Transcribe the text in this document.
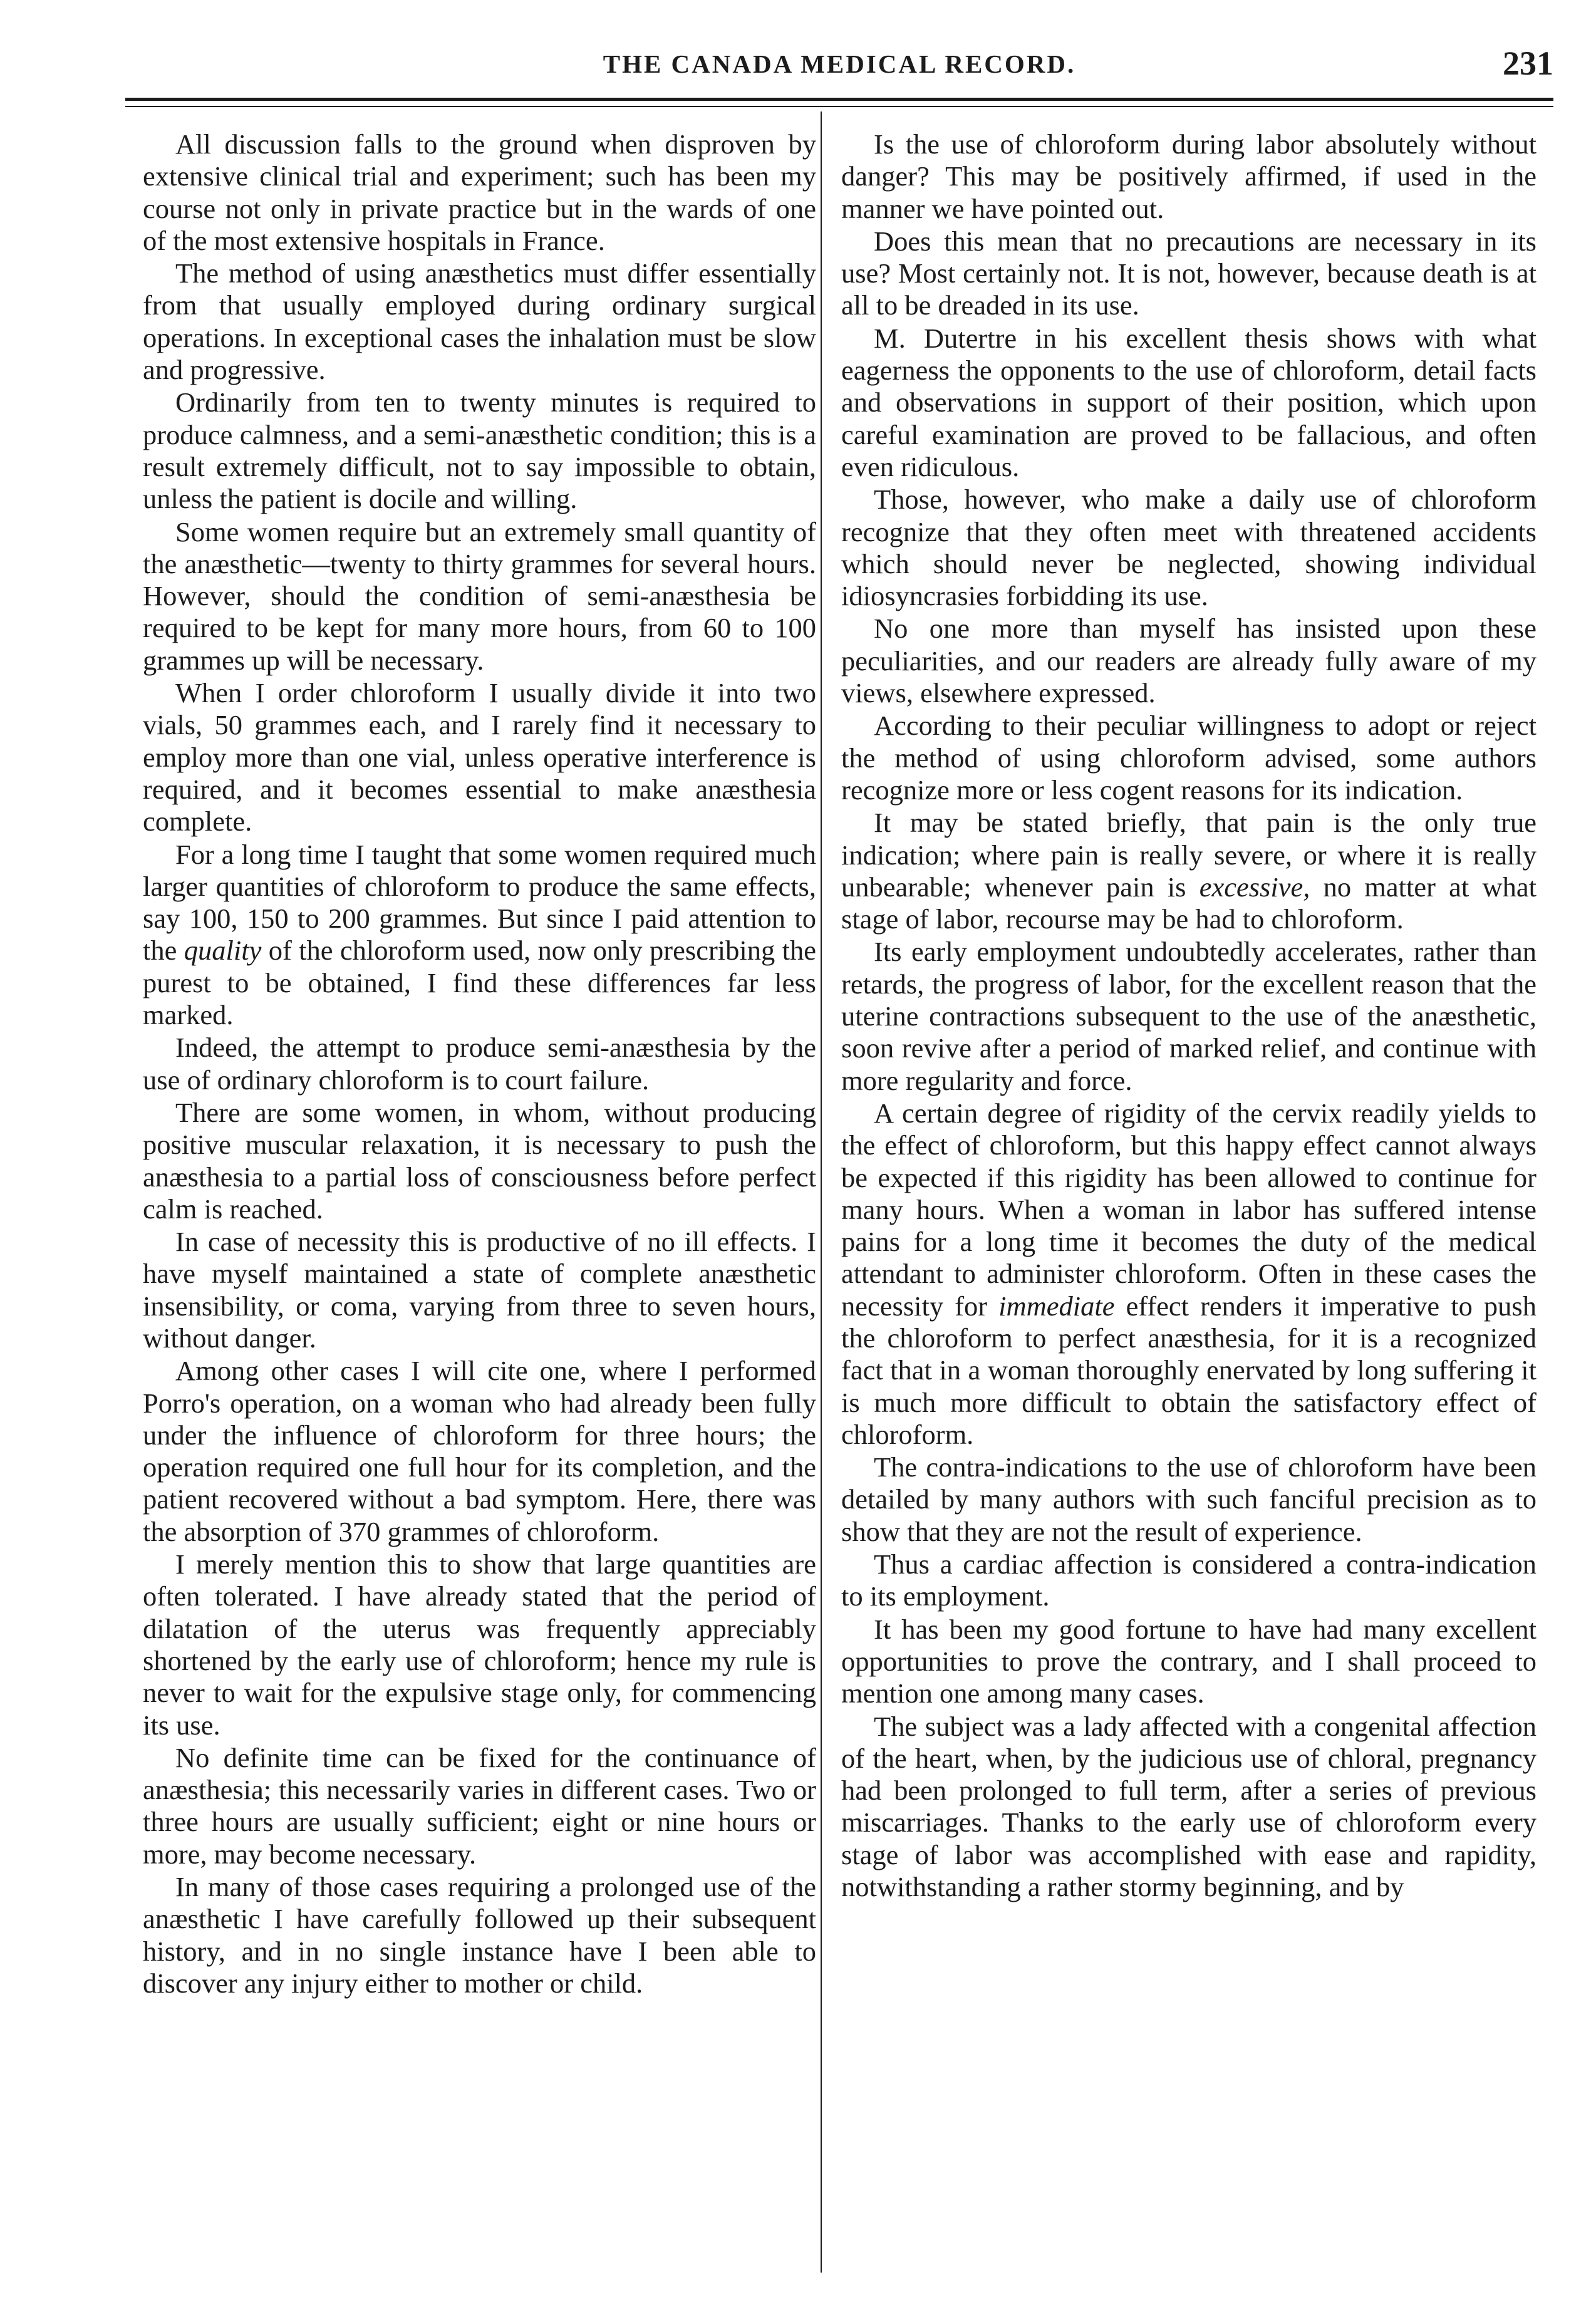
THE CANADA MEDICAL RECORD.	231

All discussion falls to the ground when disproven by extensive clinical trial and experiment; such has been my course not only in private practice but in the wards of one of the most extensive hospitals in France.

The method of using anæsthetics must differ essentially from that usually employed during ordinary surgical operations. In exceptional cases the inhalation must be slow and progressive.

Ordinarily from ten to twenty minutes is required to produce calmness, and a semi-anæsthetic condition; this is a result extremely difficult, not to say impossible to obtain, unless the patient is docile and willing.

Some women require but an extremely small quantity of the anæsthetic—twenty to thirty grammes for several hours. However, should the condition of semi-anæsthesia be required to be kept for many more hours, from 60 to 100 grammes up will be necessary.

When I order chloroform I usually divide it into two vials, 50 grammes each, and I rarely find it necessary to employ more than one vial, unless operative interference is required, and it becomes essential to make anæsthesia complete.

For a long time I taught that some women required much larger quantities of chloroform to produce the same effects, say 100, 150 to 200 grammes. But since I paid attention to the quality of the chloroform used, now only prescribing the purest to be obtained, I find these differences far less marked.

Indeed, the attempt to produce semi-anæsthesia by the use of ordinary chloroform is to court failure.

There are some women, in whom, without producing positive muscular relaxation, it is necessary to push the anæsthesia to a partial loss of consciousness before perfect calm is reached.

In case of necessity this is productive of no ill effects. I have myself maintained a state of complete anæsthetic insensibility, or coma, varying from three to seven hours, without danger.

Among other cases I will cite one, where I performed Porro's operation, on a woman who had already been fully under the influence of chloroform for three hours; the operation required one full hour for its completion, and the patient recovered without a bad symptom. Here, there was the absorption of 370 grammes of chloroform.

I merely mention this to show that large quantities are often tolerated. I have already stated that the period of dilatation of the uterus was frequently appreciably shortened by the early use of chloroform; hence my rule is never to wait for the expulsive stage only, for commencing its use.

No definite time can be fixed for the continuance of anæsthesia; this necessarily varies in different cases. Two or three hours are usually sufficient; eight or nine hours or more, may become necessary.

In many of those cases requiring a prolonged use of the anæsthetic I have carefully followed up their subsequent history, and in no single instance have I been able to discover any injury either to mother or child.

Is the use of chloroform during labor absolutely without danger? This may be positively affirmed, if used in the manner we have pointed out.

Does this mean that no precautions are necessary in its use? Most certainly not. It is not, however, because death is at all to be dreaded in its use.

M. Dutertre in his excellent thesis shows with what eagerness the opponents to the use of chloroform, detail facts and observations in support of their position, which upon careful examination are proved to be fallacious, and often even ridiculous.

Those, however, who make a daily use of chloroform recognize that they often meet with threatened accidents which should never be neglected, showing individual idiosyncrasies forbidding its use.

No one more than myself has insisted upon these peculiarities, and our readers are already fully aware of my views, elsewhere expressed.

According to their peculiar willingness to adopt or reject the method of using chloroform advised, some authors recognize more or less cogent reasons for its indication.

It may be stated briefly, that pain is the only true indication; where pain is really severe, or where it is really unbearable; whenever pain is excessive, no matter at what stage of labor, recourse may be had to chloroform.

Its early employment undoubtedly accelerates, rather than retards, the progress of labor, for the excellent reason that the uterine contractions subsequent to the use of the anæsthetic, soon revive after a period of marked relief, and continue with more regularity and force.

A certain degree of rigidity of the cervix readily yields to the effect of chloroform, but this happy effect cannot always be expected if this rigidity has been allowed to continue for many hours. When a woman in labor has suffered intense pains for a long time it becomes the duty of the medical attendant to administer chloroform. Often in these cases the necessity for immediate effect renders it imperative to push the chloroform to perfect anæsthesia, for it is a recognized fact that in a woman thoroughly enervated by long suffering it is much more difficult to obtain the satisfactory effect of chloroform.

The contra-indications to the use of chloroform have been detailed by many authors with such fanciful precision as to show that they are not the result of experience.

Thus a cardiac affection is considered a contra-indication to its employment.

It has been my good fortune to have had many excellent opportunities to prove the contrary, and I shall proceed to mention one among many cases.

The subject was a lady affected with a congenital affection of the heart, when, by the judicious use of chloral, pregnancy had been prolonged to full term, after a series of previous miscarriages. Thanks to the early use of chloroform every stage of labor was accomplished with ease and rapidity, notwithstanding a rather stormy beginning, and by
